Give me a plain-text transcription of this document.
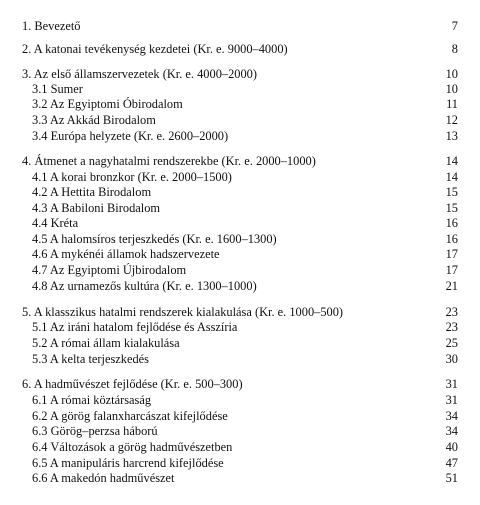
1. Bevezető	7
2. A katonai tevékenység kezdetei (Kr. e. 9000–4000)	8
3. Az első államszervezetek (Kr. e. 4000–2000)	10
3.1 Sumer	10
3.2 Az Egyiptomi Óbirodalom	11
3.3 Az Akkád Birodalom	12
3.4 Európa helyzete (Kr. e. 2600–2000)	13
4. Átmenet a nagyhatalmi rendszerekbe (Kr. e. 2000–1000)	14
4.1 A korai bronzkor (Kr. e. 2000–1500)	14
4.2 A Hettita Birodalom	15
4.3 A Babiloni Birodalom	15
4.4 Kréta	16
4.5 A halomsíros terjeszkedés (Kr. e. 1600–1300)	16
4.6 A mykénéi államok hadszervezete	17
4.7 Az Egyiptomi Újbirodalom	17
4.8 Az urnamezős kultúra (Kr. e. 1300–1000)	21
5. A klasszikus hatalmi rendszerek kialakulása (Kr. e. 1000–500)	23
5.1 Az iráni hatalom fejlődése és Asszíria	23
5.2 A római állam kialakulása	25
5.3 A kelta terjeszkedés	30
6. A hadművészet fejlődése (Kr. e. 500–300)	31
6.1 A római köztársaság	31
6.2 A görög falanxharcászat kifejlődése	34
6.3 Görög–perzsa háború	34
6.4 Változások a görög hadművészetben	40
6.5 A manipuláris harcrend kifejlődése	47
6.6 A makedón hadművészet	51
